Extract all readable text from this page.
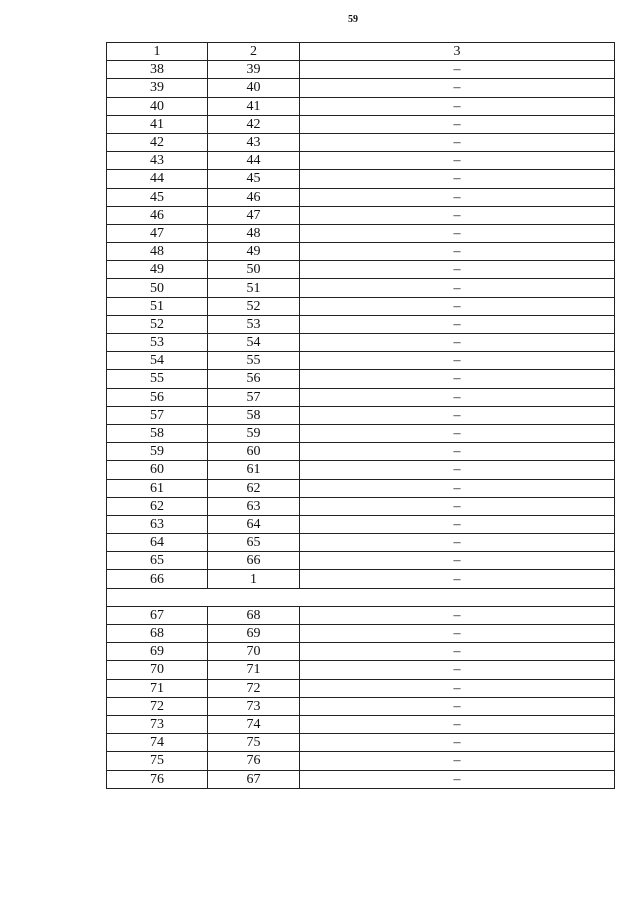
59
1	2	3
38	39	–
39	40	–
40	41	–
41	42	–
42	43	–
43	44	–
44	45	–
45	46	–
46	47	–
47	48	–
48	49	–
49	50	–
50	51	–
51	52	–
52	53	–
53	54	–
54	55	–
55	56	–
56	57	–
57	58	–
58	59	–
59	60	–
60	61	–
61	62	–
62	63	–
63	64	–
64	65	–
65	66	–
66	1	–

67	68	–
68	69	–
69	70	–
70	71	–
71	72	–
72	73	–
73	74	–
74	75	–
75	76	–
76	67	–
